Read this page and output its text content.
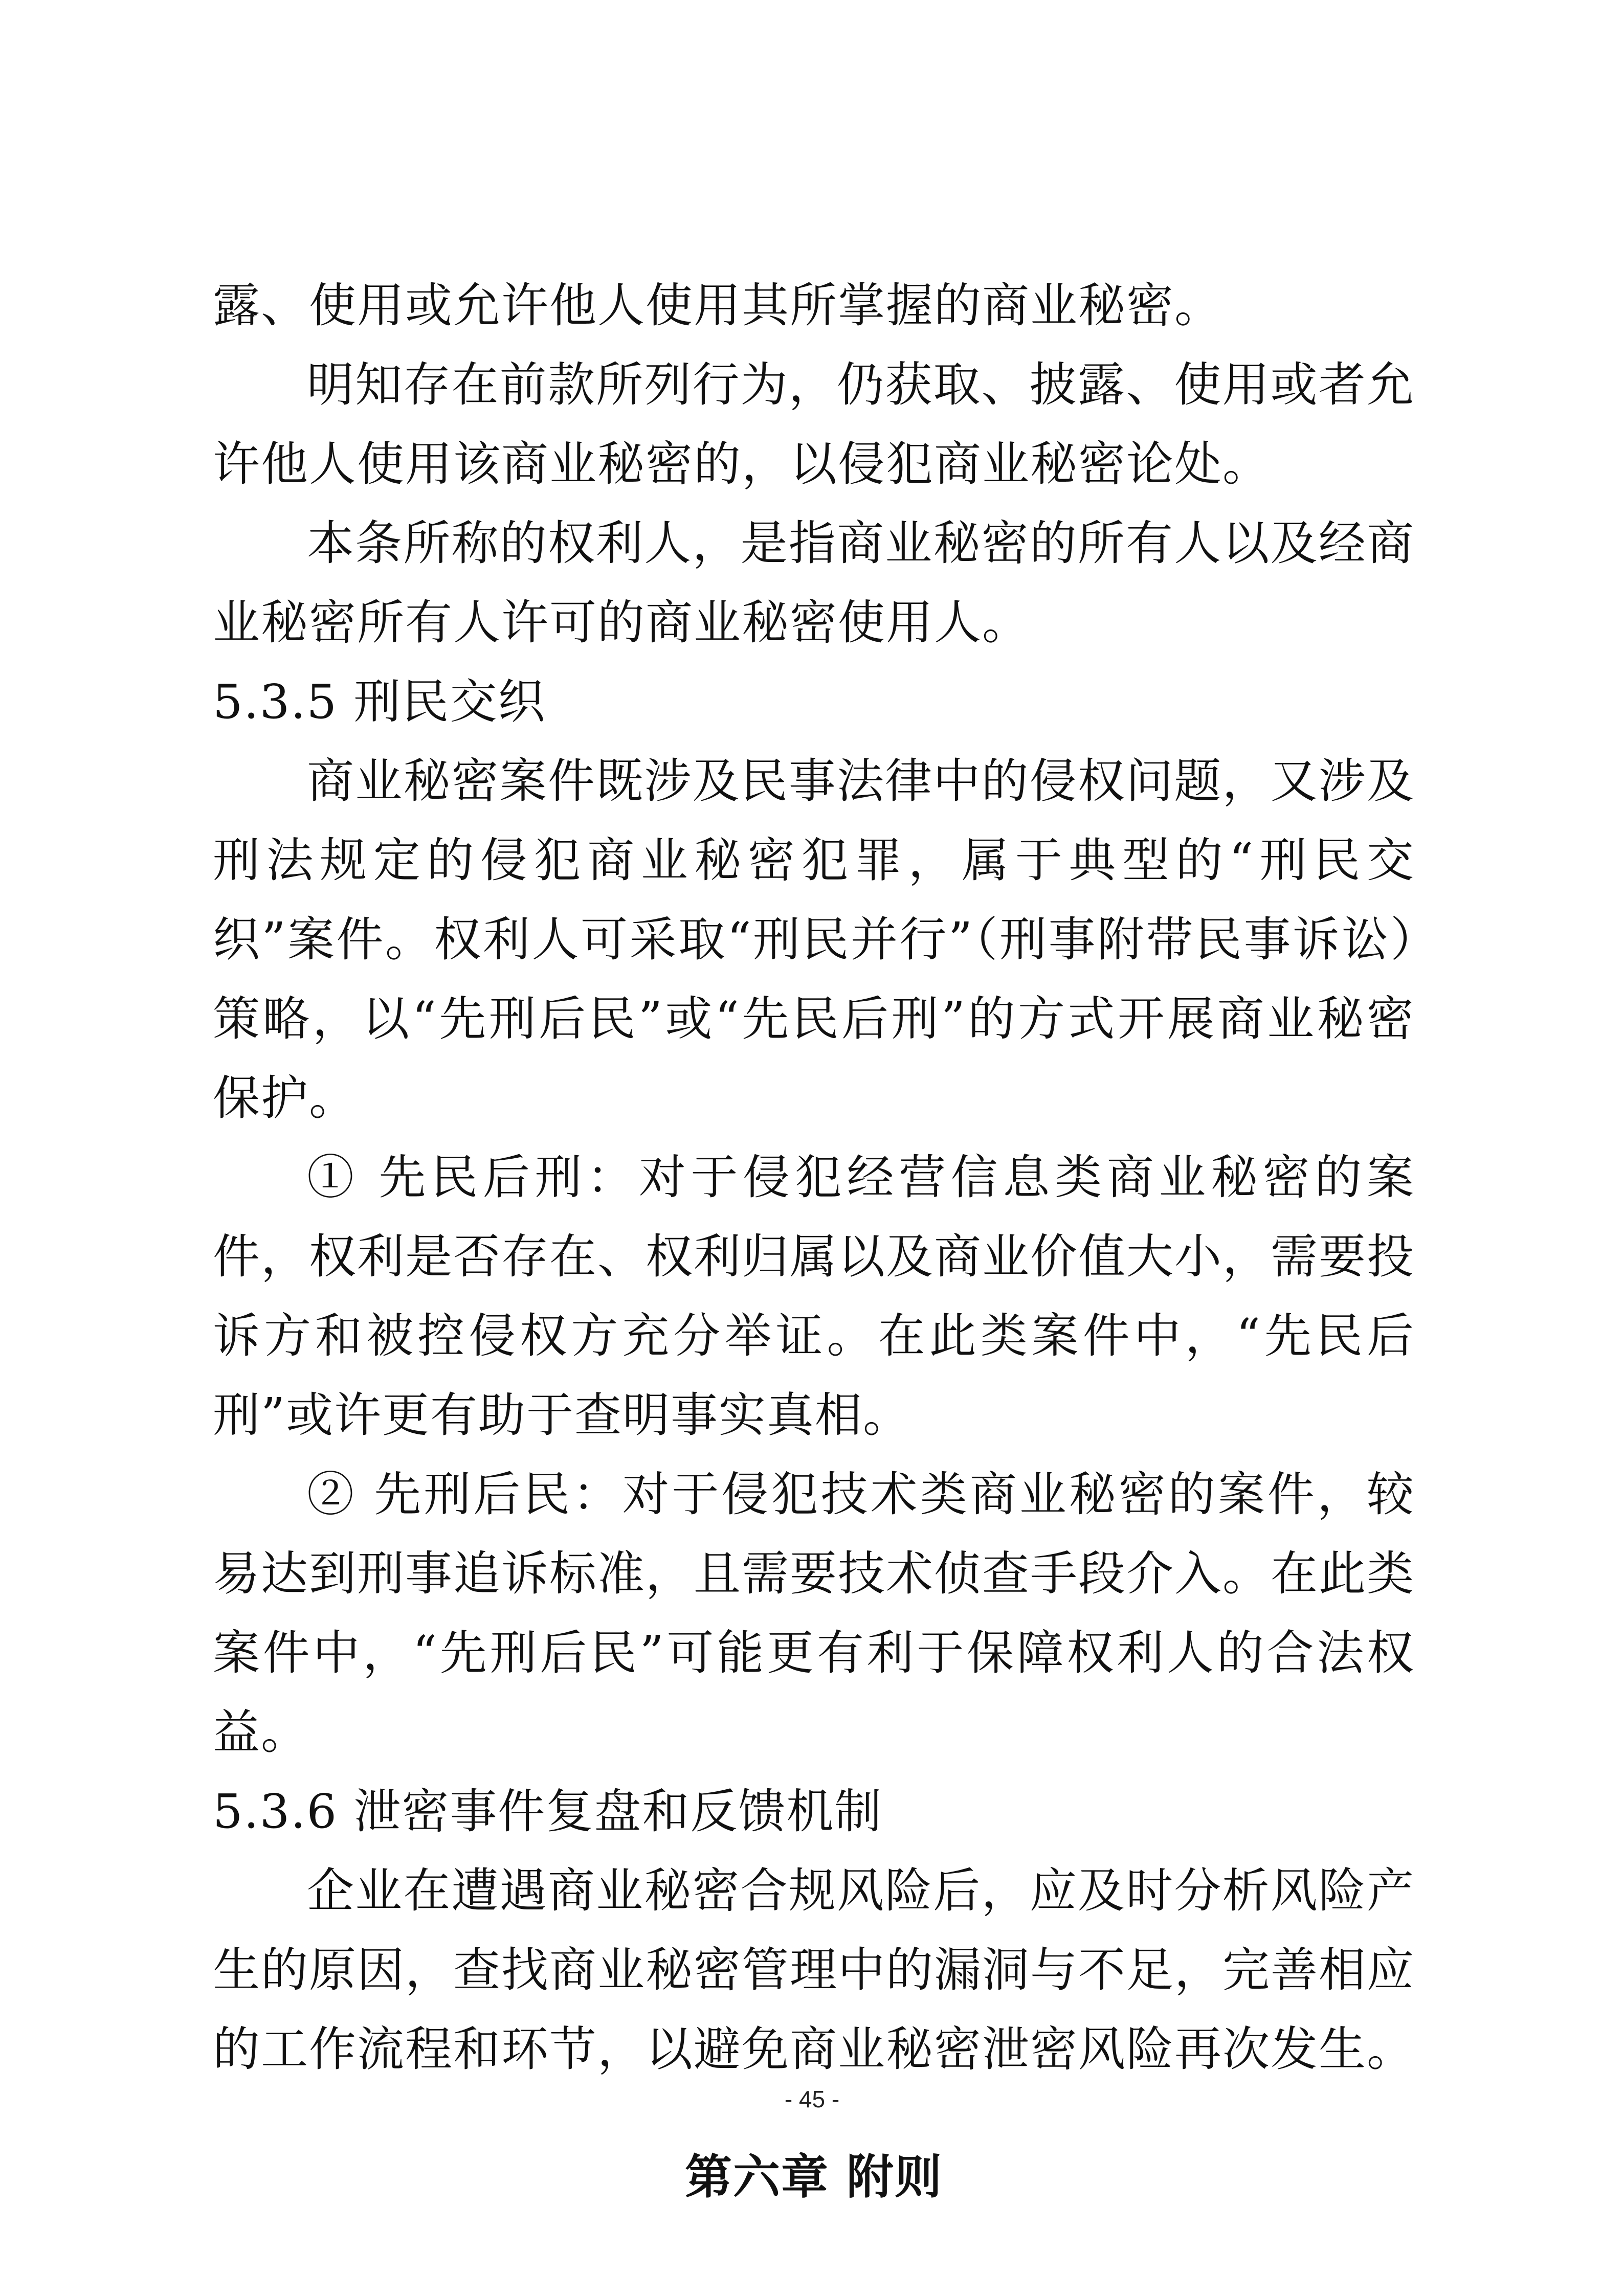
露、使用或允许他人使用其所掌握的商业秘密。

明知存在前款所列行为，仍获取、披露、使用或者允许他人使用该商业秘密的，以侵犯商业秘密论处。

本条所称的权利人，是指商业秘密的所有人以及经商业秘密所有人许可的商业秘密使用人。

5.3.5 刑民交织

商业秘密案件既涉及民事法律中的侵权问题，又涉及刑法规定的侵犯商业秘密犯罪，属于典型的“刑民交织”案件。权利人可采取“刑民并行”（刑事附带民事诉讼）策略，以“先刑后民”或“先民后刑”的方式开展商业秘密保护。

① 先民后刑：对于侵犯经营信息类商业秘密的案件，权利是否存在、权利归属以及商业价值大小，需要投诉方和被控侵权方充分举证。在此类案件中，“先民后刑”或许更有助于查明事实真相。

② 先刑后民：对于侵犯技术类商业秘密的案件，较易达到刑事追诉标准，且需要技术侦查手段介入。在此类案件中，“先刑后民”可能更有利于保障权利人的合法权益。

5.3.6 泄密事件复盘和反馈机制

企业在遭遇商业秘密合规风险后，应及时分析风险产生的原因，查找商业秘密管理中的漏洞与不足，完善相应的工作流程和环节，以避免商业秘密泄密风险再次发生。

第六章 附则
- 45 -
